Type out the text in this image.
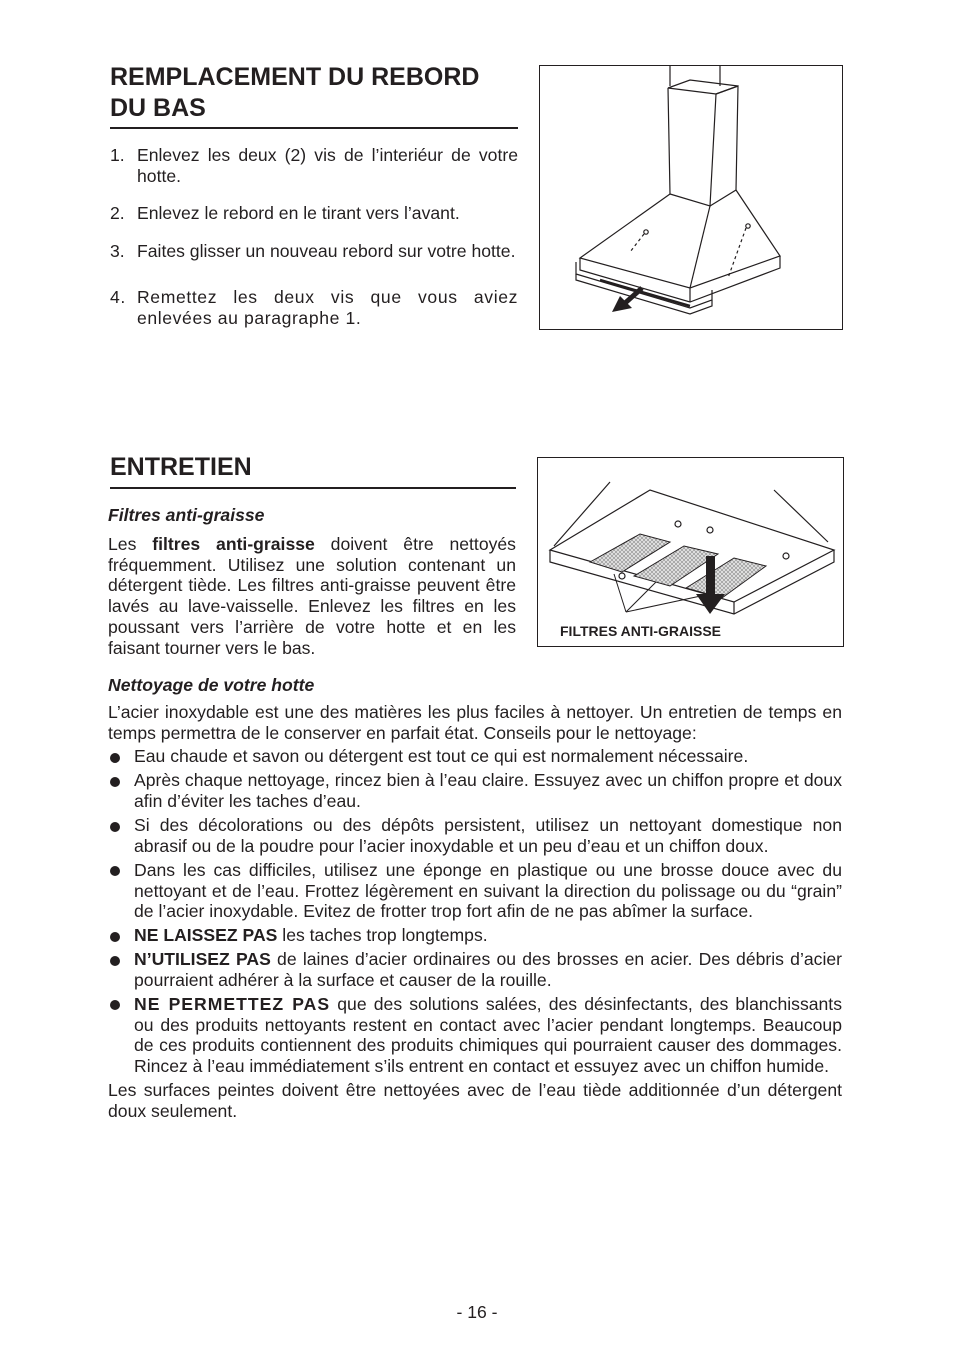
REMPLACEMENT DU REBORD
DU BAS
1. Enlevez les deux (2) vis de l’interiéur de votre hotte.
2. Enlevez le rebord en le tirant vers l’avant.
3. Faites glisser un nouveau rebord sur votre hotte.
4. Remettez les deux vis que vous aviez enlevées au paragraphe 1.
ENTRETIEN
Filtres anti-graisse
Les filtres anti-graisse doivent être nettoyés fréquemment. Utilisez une solution contenant un détergent tiède. Les filtres anti-graisse peuvent être lavés au lave-vaisselle. Enlevez les filtres en les poussant vers l’arrière de votre hotte et en les faisant tourner vers le bas.
FILTRES ANTI-GRAISSE
Nettoyage de votre hotte
L’acier inoxydable est une des matières les plus faciles à nettoyer. Un entretien de temps en temps permettra de le conserver en parfait état. Conseils pour le nettoyage:
Eau chaude et savon ou détergent est tout ce qui est normalement nécessaire.
Après chaque nettoyage, rincez bien à l’eau claire. Essuyez avec un chiffon propre et doux afin d’éviter les taches d’eau.
Si des décolorations ou des dépôts persistent, utilisez un nettoyant domestique non abrasif ou de la poudre pour l’acier inoxydable et un peu d’eau et un chiffon doux.
Dans les cas difficiles, utilisez une éponge en plastique ou une brosse douce avec du nettoyant et de l’eau. Frottez légèrement en suivant la direction du polissage ou du “grain” de l’acier inoxydable. Evitez de frotter trop fort afin de ne pas abîmer la surface.
NE LAISSEZ PAS les taches trop longtemps.
N’UTILISEZ PAS de laines d’acier ordinaires ou des brosses en acier. Des débris d’acier pourraient adhérer à la surface et causer de la rouille.
NE PERMETTEZ PAS que des solutions salées, des désinfectants, des blanchissants ou des produits nettoyants restent en contact avec l’acier pendant longtemps. Beaucoup de ces produits contiennent des produits chimiques qui pourraient causer des dommages. Rincez à l’eau immédiatement s’ils entrent en contact et essuyez avec un chiffon humide.
Les surfaces peintes doivent être nettoyées avec de l’eau tiède additionnée d’un détergent doux seulement.
- 16 -
